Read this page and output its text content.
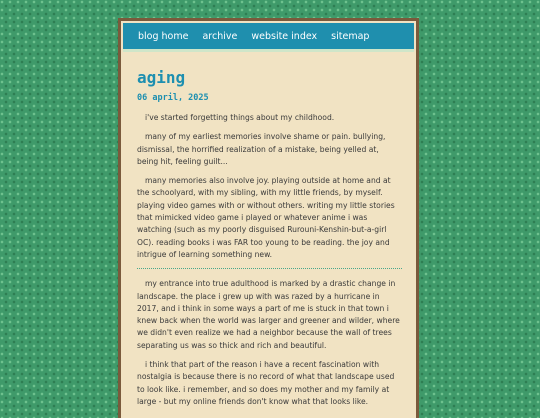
blog home archive website index sitemap
aging
06 april, 2025

i've started forgetting things about my childhood.

many of my earliest memories involve shame or pain. bullying, dismissal, the horrified realization of a mistake, being yelled at, being hit, feeling guilt...

many memories also involve joy. playing outside at home and at the schoolyard, with my sibling, with my little friends, by myself. playing video games with or without others. writing my little stories that mimicked video game i played or whatever anime i was watching (such as my poorly disguised Rurouni-Kenshin-but-a-girl OC). reading books i was FAR too young to be reading. the joy and intrigue of learning something new.

my entrance into true adulthood is marked by a drastic change in landscape. the place i grew up with was razed by a hurricane in 2017, and i think in some ways a part of me is stuck in that town i knew back when the world was larger and greener and wilder, where we didn't even realize we had a neighbor because the wall of trees separating us was so thick and rich and beautiful.

i think that part of the reason i have a recent fascination with nostalgia is because there is no record of what that landscape used to look like. i remember, and so does my mother and my family at large - but my online friends don't know what that looks like.
